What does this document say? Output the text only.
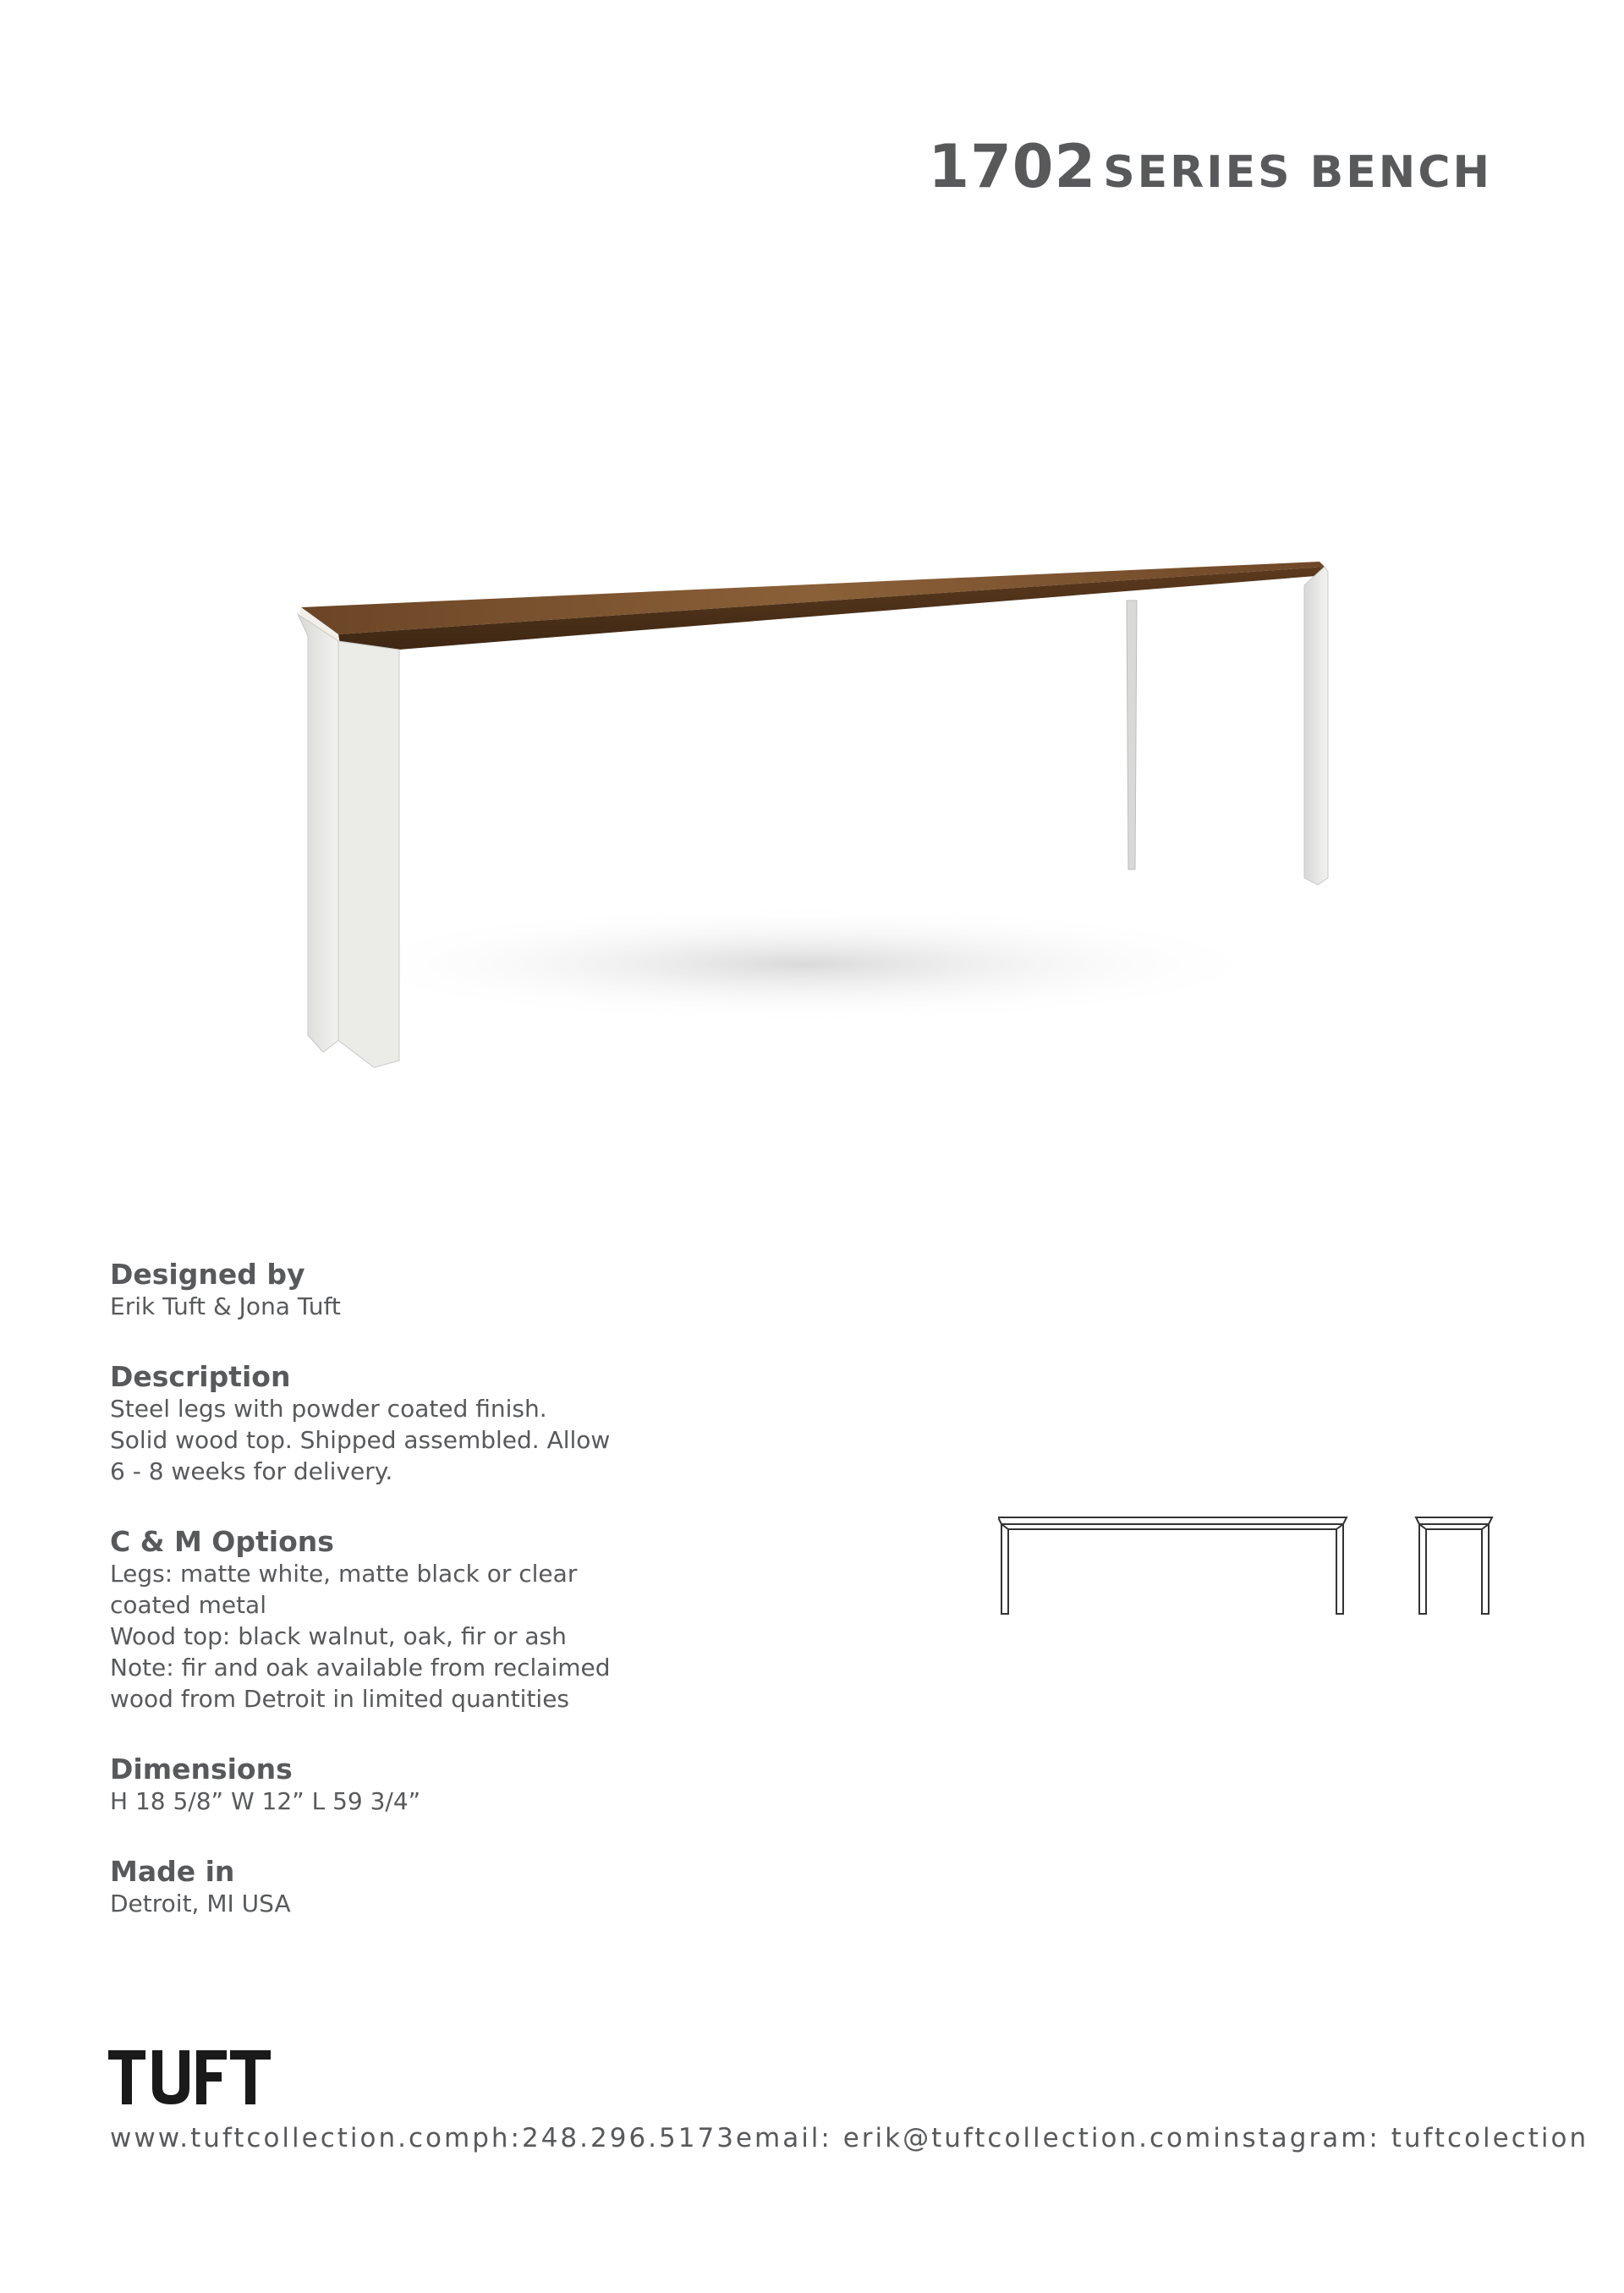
1702 SERIES BENCH

Designed by

Erik Tuft & Jona Tuft

Description

Steel legs with powder coated finish.

Solid wood top. Shipped assembled. Allow

6 - 8 weeks for delivery.

C & M Options

Legs: matte white, matte black or clear

coated metal

Wood top: black walnut, oak, fir or ash

Note: fir and oak available from reclaimed

wood from Detroit in limited quantities

Dimensions

H 18 5/8” W 12” L 59 3/4”

Made in

Detroit, MI USA

www.tuftcollection.com ph:248.296.5173 email: erik@tuftcollection.com instagram: tuftcolection
